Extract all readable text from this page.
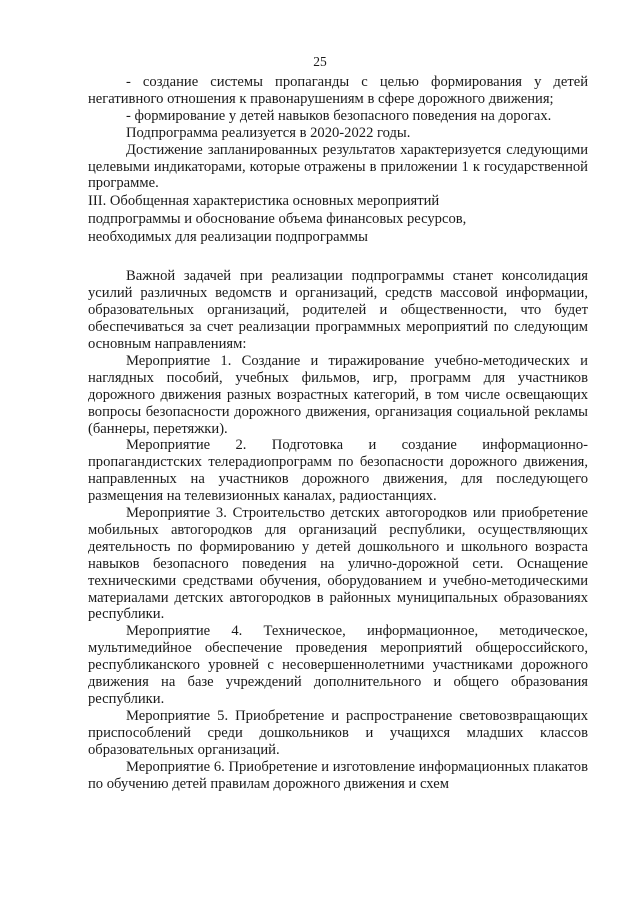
25

- создание системы пропаганды с целью формирования у детей негативного отношения к правонарушениям в сфере дорожного движения;

- формирование у детей навыков безопасного поведения на дорогах.

Подпрограмма реализуется в 2020-2022 годы.

Достижение запланированных результатов характеризуется следующими целевыми индикаторами, которые отражены в приложении 1 к государственной программе.

III. Обобщенная характеристика основных мероприятий
подпрограммы и обоснование объема финансовых ресурсов,
необходимых для реализации подпрограммы

Важной задачей при реализации подпрограммы станет консолидация усилий различных ведомств и организаций, средств массовой информации, образовательных организаций, родителей и общественности, что будет обеспечиваться за счет реализации программных мероприятий по следующим основным направлениям:

Мероприятие 1. Создание и тиражирование учебно-методических и наглядных пособий, учебных фильмов, игр, программ для участников дорожного движения разных возрастных категорий, в том числе освещающих вопросы безопасности дорожного движения, организация социальной рекламы (баннеры, перетяжки).

Мероприятие 2. Подготовка и создание информационно-пропагандистских телерадиопрограмм по безопасности дорожного движения, направленных на участников дорожного движения, для последующего размещения на телевизионных каналах, радиостанциях.

Мероприятие 3. Строительство детских автогородков или приобретение мобильных автогородков для организаций республики, осуществляющих деятельность по формированию у детей дошкольного и школьного возраста навыков безопасного поведения на улично-дорожной сети. Оснащение техническими средствами обучения, оборудованием и учебно-методическими материалами детских автогородков в районных муниципальных образованиях республики.

Мероприятие 4. Техническое, информационное, методическое, мультимедийное обеспечение проведения мероприятий общероссийского, республиканского уровней с несовершеннолетними участниками дорожного движения на базе учреждений дополнительного и общего образования республики.

Мероприятие 5. Приобретение и распространение световозвращающих приспособлений среди дошкольников и учащихся младших классов образовательных организаций.

Мероприятие 6. Приобретение и изготовление информационных плакатов по обучению детей правилам дорожного движения и схем
